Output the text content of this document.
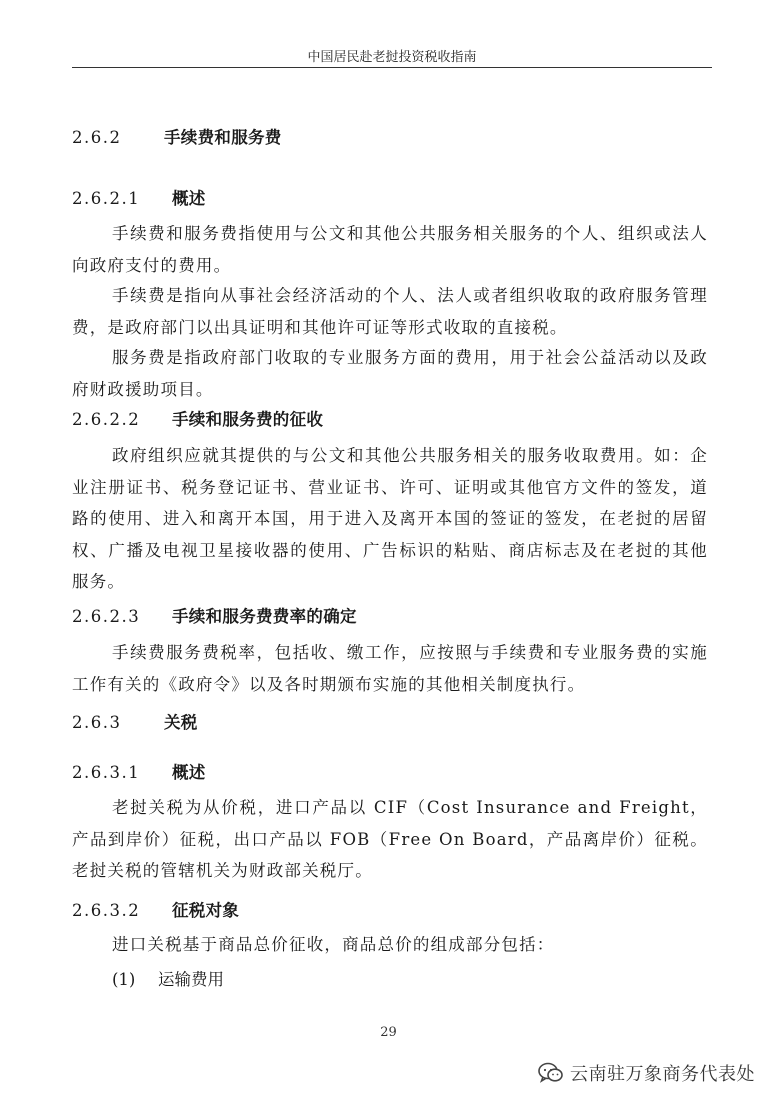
中国居民赴老挝投资税收指南
2.6.2	手续费和服务费
2.6.2.1 概述
手续费和服务费指使用与公文和其他公共服务相关服务的个人、组织或法人向政府支付的费用。
手续费是指向从事社会经济活动的个人、法人或者组织收取的政府服务管理费，是政府部门以出具证明和其他许可证等形式收取的直接税。
服务费是指政府部门收取的专业服务方面的费用，用于社会公益活动以及政府财政援助项目。
2.6.2.2 手续和服务费的征收
政府组织应就其提供的与公文和其他公共服务相关的服务收取费用。如：企业注册证书、税务登记证书、营业证书、许可、证明或其他官方文件的签发，道路的使用、进入和离开本国，用于进入及离开本国的签证的签发，在老挝的居留权、广播及电视卫星接收器的使用、广告标识的粘贴、商店标志及在老挝的其他服务。
2.6.2.3 手续和服务费费率的确定
手续费服务费税率，包括收、缴工作，应按照与手续费和专业服务费的实施工作有关的《政府令》以及各时期颁布实施的其他相关制度执行。
2.6.3	关税
2.6.3.1 概述
老挝关税为从价税，进口产品以 CIF（Cost Insurance and Freight，产品到岸价）征税，出口产品以 FOB（Free On Board，产品离岸价）征税。老挝关税的管辖机关为财政部关税厅。
2.6.3.2 征税对象
进口关税基于商品总价征收，商品总价的组成部分包括：
(1) 运输费用
29
云南驻万象商务代表处
